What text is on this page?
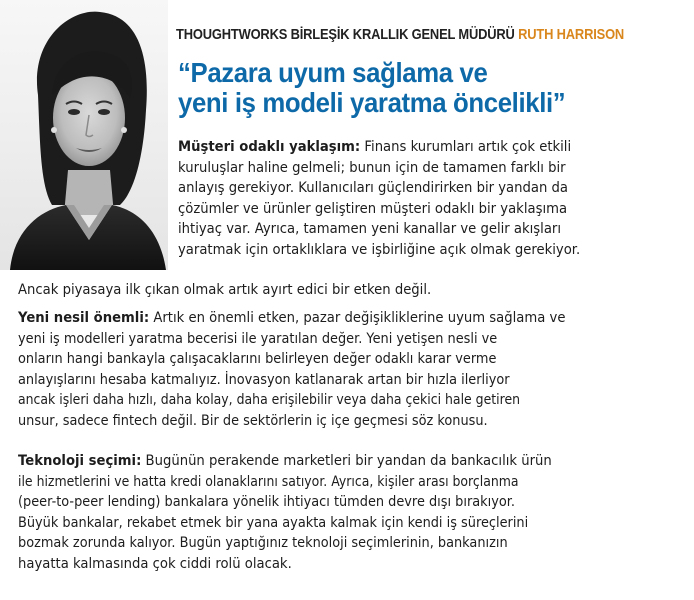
THOUGHTWORKS BİRLEŞİK KRALLIK GENEL MÜDÜRÜ RUTH HARRISON
“Pazara uyum sağlama ve
yeni iş modeli yaratma öncelikli”
Müşteri odaklı yaklaşım: Finans kurumları artık çok etkili
kuruluşlar haline gelmeli; bunun için de tamamen farklı bir
anlayış gerekiyor. Kullanıcıları güçlendirirken bir yandan da
çözümler ve ürünler geliştiren müşteri odaklı bir yaklaşıma
ihtiyaç var. Ayrıca, tamamen yeni kanallar ve gelir akışları
yaratmak için ortaklıklara ve işbirliğine açık olmak gerekiyor.
Ancak piyasaya ilk çıkan olmak artık ayırt edici bir etken değil.
Yeni nesil önemli: Artık en önemli etken, pazar değişikliklerine uyum sağlama ve
yeni iş modelleri yaratma becerisi ile yaratılan değer. Yeni yetişen nesli ve
onların hangi bankayla çalışacaklarını belirleyen değer odaklı karar verme
anlayışlarını hesaba katmalıyız. İnovasyon katlanarak artan bir hızla ilerliyor
ancak işleri daha hızlı, daha kolay, daha erişilebilir veya daha çekici hale getiren
unsur, sadece fintech değil. Bir de sektörlerin iç içe geçmesi söz konusu.
Teknoloji seçimi: Bugünün perakende marketleri bir yandan da bankacılık ürün
ile hizmetlerini ve hatta kredi olanaklarını satıyor. Ayrıca, kişiler arası borçlanma
(peer-to-peer lending) bankalara yönelik ihtiyacı tümden devre dışı bırakıyor.
Büyük bankalar, rekabet etmek bir yana ayakta kalmak için kendi iş süreçlerini
bozmak zorunda kalıyor. Bugün yaptığınız teknoloji seçimlerinin, bankanızın
hayatta kalmasında çok ciddi rolü olacak.
